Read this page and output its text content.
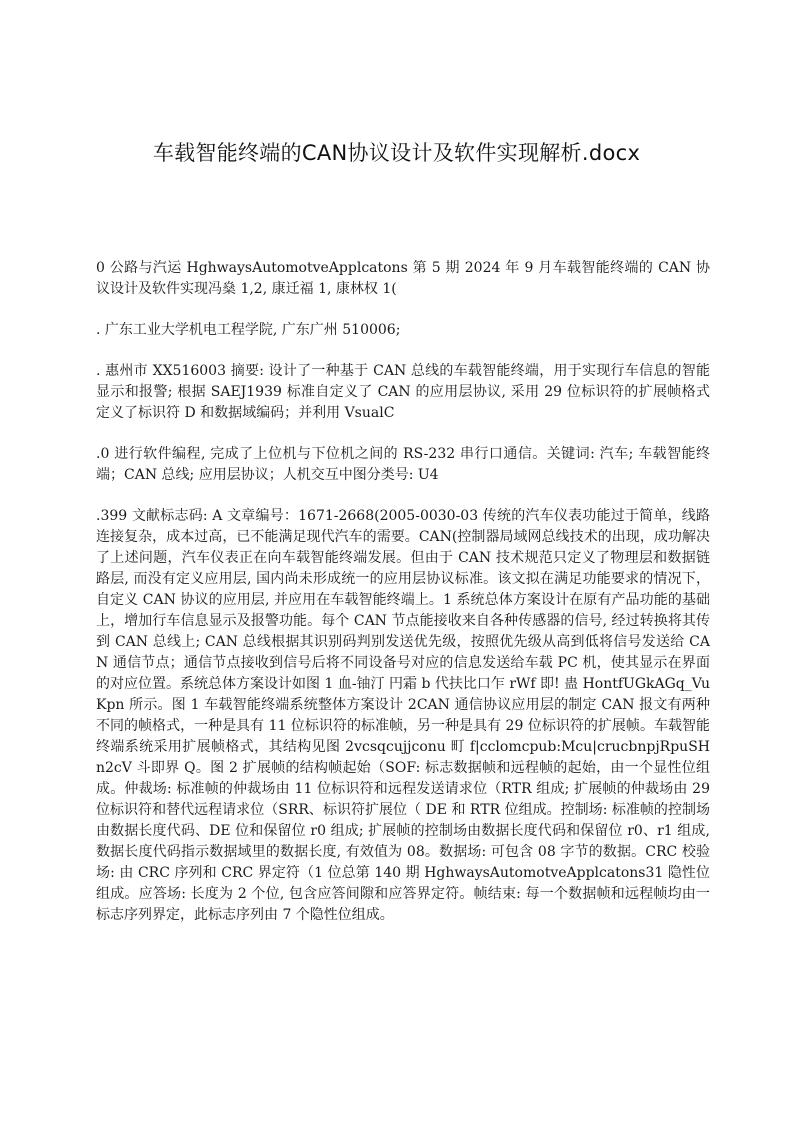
车载智能终端的CAN协议设计及软件实现解析.docx

0 公路与汽运 HghwaysAutomotveApplcatons 第 5 期 2024 年 9 月车载智能终端的 CAN 协议设计及软件实现冯燊 1,2, 康迁福 1, 康林权 1(

. 广东工业大学机电工程学院, 广东广州 510006;

. 惠州市 XX516003 摘要: 设计了一种基于 CAN 总线的车载智能终端，用于实现行车信息的智能显示和报警; 根据 SAEJ1939 标准自定义了 CAN 的应用层协议, 采用 29 位标识符的扩展帧格式定义了标识符 D 和数据域编码；并利用 VsualC

.0 进行软件编程, 完成了上位机与下位机之间的 RS-232 串行口通信。关键词: 汽车; 车载智能终端；CAN 总线; 应用层协议；人机交互中图分类号: U4

.399 文献标志码: A 文章编号：1671-2668(2005-0030-03 传统的汽车仪表功能过于简单，线路连接复杂，成本过高，已不能满足现代汽车的需要。CAN(控制器局域网总线技术的出现，成功解决了上述问题，汽车仪表正在向车载智能终端发展。但由于 CAN 技术规范只定义了物理层和数据链路层, 而没有定义应用层, 国内尚未形成统一的应用层协议标准。该文拟在满足功能要求的情况下，自定义 CAN 协议的应用层, 并应用在车载智能终端上。1 系统总体方案设计在原有产品功能的基础上，增加行车信息显示及报警功能。每个 CAN 节点能接收来自各种传感器的信号, 经过转换将其传到 CAN 总线上; CAN 总线根据其识别码判别发送优先级，按照优先级从高到低将信号发送给 CAN 通信节点；通信节点接收到信号后将不同设备号对应的信息发送给车载 PC 机，使其显示在界面的对应位置。系统总体方案设计如图 1 血-铀汀 円霜 b 代扶比口乍 rWf 即! 蛊 HontfUGkAGq_VuKpn 所示。图 1 车载智能终端系统整体方案设计 2CAN 通信协议应用层的制定 CAN 报文有两种不同的帧格式，一种是具有 11 位标识符的标准帧，另一种是具有 29 位标识符的扩展帧。车载智能终端系统采用扩展帧格式，其结构见图 2vcsqcujjconu 町 f|cclomcpub:Mcu|crucbnpjRpuSHn2cV 斗即界 Q。图 2 扩展帧的结构帧起始（SOF: 标志数据帧和远程帧的起始，由一个显性位组成。仲裁场: 标准帧的仲裁场由 11 位标识符和远程发送请求位（RTR 组成; 扩展帧的仲裁场由 29 位标识符和替代远程请求位（SRR、标识符扩展位（ DE 和 RTR 位组成。控制场: 标准帧的控制场由数据长度代码、DE 位和保留位 r0 组成; 扩展帧的控制场由数据长度代码和保留位 r0、r1 组成, 数据长度代码指示数据域里的数据长度, 有效值为 08。数据场: 可包含 08 字节的数据。CRC 校验场: 由 CRC 序列和 CRC 界定符（1 位总第 140 期 HghwaysAutomotveApplcatons31 隐性位组成。应答场: 长度为 2 个位, 包含应答间隙和应答界定符。帧结束: 每一个数据帧和远程帧均由一标志序列界定，此标志序列由 7 个隐性位组成。
